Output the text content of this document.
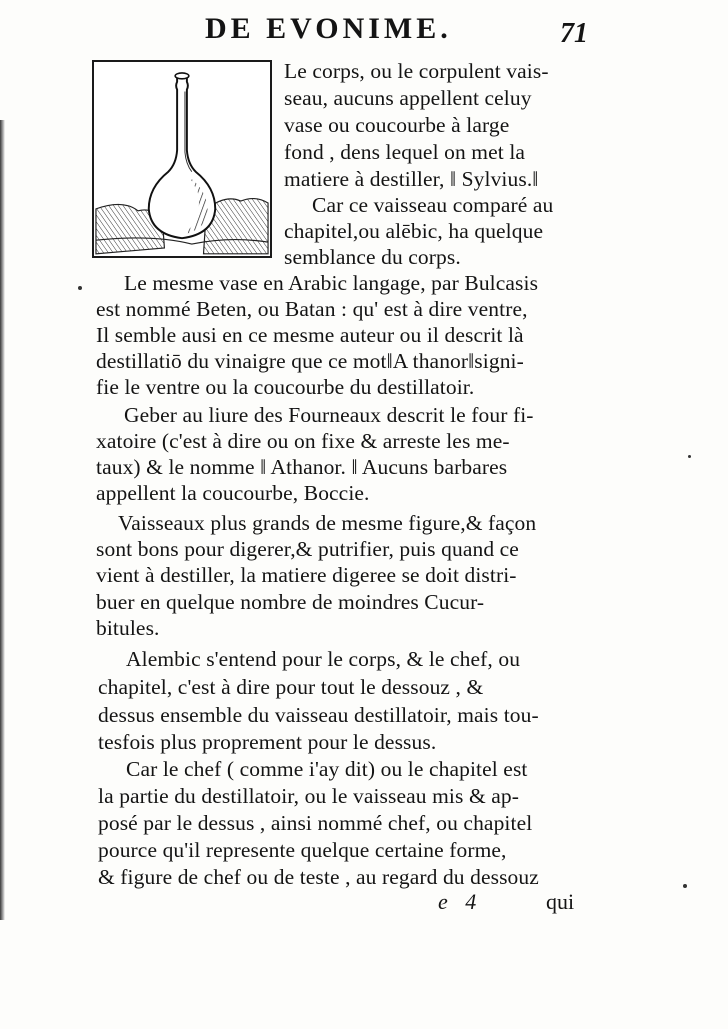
DE EVONIME.	71
Le corps, ou le corpulent vais-
seau, aucuns appellent celuy
vase ou coucourbe à large
fond , dens lequel on met la
matiere à destiller, ‖ Sylvius.‖
Car ce vaisseau comparé au
chapitel,ou alēbic, ha quelque
semblance du corps.
Le mesme vase en Arabic langage, par Bulcasis
est nommé Beten, ou Batan : qu' est à dire ventre,
Il semble ausi en ce mesme auteur ou il descrit là
destillatiō du vinaigre que ce mot‖A thanor‖signi-
fie le ventre ou la coucourbe du destillatoir.
Geber au liure des Fourneaux descrit le four fi-
xatoire (c'est à dire ou on fixe & arreste les me-
taux) & le nomme ‖ Athanor. ‖ Aucuns barbares
appellent la coucourbe, Boccie.
Vaisseaux plus grands de mesme figure,& façon
sont bons pour digerer,& putrifier, puis quand ce
vient à destiller, la matiere digeree se doit distri-
buer en quelque nombre de moindres Cucur-
bitules.
Alembic s'entend pour le corps, & le chef, ou
chapitel, c'est à dire pour tout le dessouz , &
dessus ensemble du vaisseau destillatoir, mais tou-
tesfois plus proprement pour le dessus.
Car le chef ( comme i'ay dit) ou le chapitel est
la partie du destillatoir, ou le vaisseau mis & ap-
posé par le dessus , ainsi nommé chef, ou chapitel
pource qu'il represente quelque certaine forme,
& figure de chef ou de teste , au regard du dessouz
e 4	qui
